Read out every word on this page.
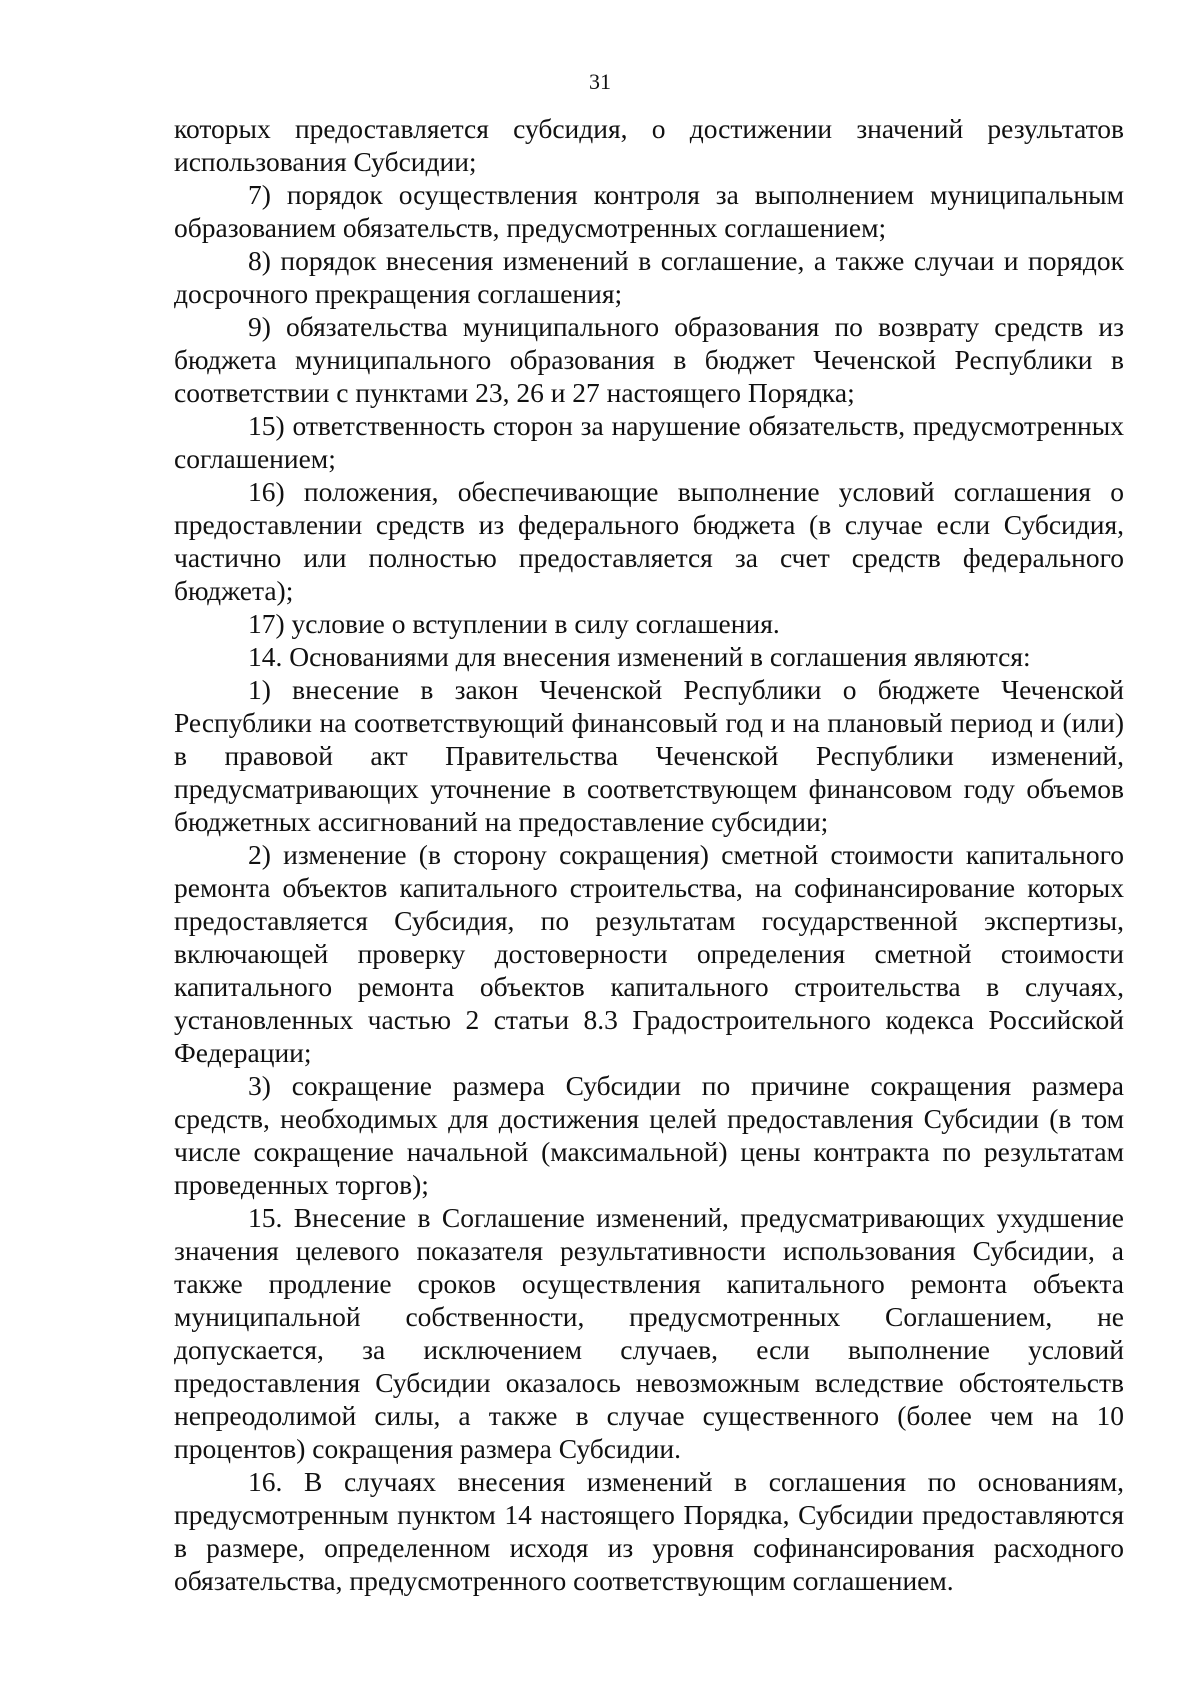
31

которых предоставляется субсидия, о достижении значений результатов использования Субсидии;

7) порядок осуществления контроля за выполнением муниципальным образованием обязательств, предусмотренных соглашением;

8) порядок внесения изменений в соглашение, а также случаи и порядок досрочного прекращения соглашения;

9) обязательства муниципального образования по возврату средств из бюджета муниципального образования в бюджет Чеченской Республики в соответствии с пунктами 23, 26 и 27 настоящего Порядка;

15) ответственность сторон за нарушение обязательств, предусмотренных соглашением;

16) положения, обеспечивающие выполнение условий соглашения о предоставлении средств из федерального бюджета (в случае если Субсидия, частично или полностью предоставляется за счет средств федерального бюджета);

17) условие о вступлении в силу соглашения.

14. Основаниями для внесения изменений в соглашения являются:

1) внесение в закон Чеченской Республики о бюджете Чеченской Республики на соответствующий финансовый год и на плановый период и (или) в правовой акт Правительства Чеченской Республики изменений, предусматривающих уточнение в соответствующем финансовом году объемов бюджетных ассигнований на предоставление субсидии;

2) изменение (в сторону сокращения) сметной стоимости капитального ремонта объектов капитального строительства, на софинансирование которых предоставляется Субсидия, по результатам государственной экспертизы, включающей проверку достоверности определения сметной стоимости капитального ремонта объектов капитального строительства в случаях, установленных частью 2 статьи 8.3 Градостроительного кодекса Российской Федерации;

3) сокращение размера Субсидии по причине сокращения размера средств, необходимых для достижения целей предоставления Субсидии (в том числе сокращение начальной (максимальной) цены контракта по результатам проведенных торгов);

15. Внесение в Соглашение изменений, предусматривающих ухудшение значения целевого показателя результативности использования Субсидии, а также продление сроков осуществления капитального ремонта объекта муниципальной собственности, предусмотренных Соглашением, не допускается, за исключением случаев, если выполнение условий предоставления Субсидии оказалось невозможным вследствие обстоятельств непреодолимой силы, а также в случае существенного (более чем на 10 процентов) сокращения размера Субсидии.

16. В случаях внесения изменений в соглашения по основаниям, предусмотренным пунктом 14 настоящего Порядка, Субсидии предоставляются в размере, определенном исходя из уровня софинансирования расходного обязательства, предусмотренного соответствующим соглашением.
